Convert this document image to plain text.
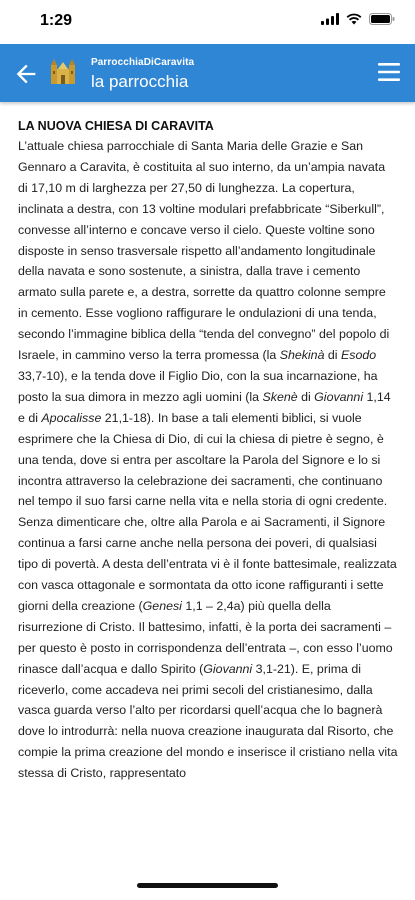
1:29
ParrocchiaDiCaravita
la parrocchia
LA NUOVA CHIESA DI CARAVITA

L’attuale chiesa parrocchiale di Santa Maria delle Grazie e San Gennaro a Caravita, è costituita al suo interno, da un’ampia navata di 17,10 m di larghezza per 27,50 di lunghezza. La copertura, inclinata a destra, con 13 voltine modulari prefabbricate “Siberkull”, convesse all’interno e concave verso il cielo. Queste voltine sono disposte in senso trasversale rispetto all’andamento longitudinale della navata e sono sostenute, a sinistra, dalla trave i cemento armato sulla parete e, a destra, sorrette da quattro colonne sempre in cemento. Esse vogliono raffigurare le ondulazioni di una tenda, secondo l’immagine biblica della “tenda del convegno” del popolo di Israele, in cammino verso la terra promessa (la Shekinà di Esodo 33,7-10), e la tenda dove il Figlio Dio, con la sua incarnazione, ha posto la sua dimora in mezzo agli uomini (la Skenè di Giovanni 1,14 e di Apocalisse 21,1-18). In base a tali elementi biblici, si vuole esprimere che la Chiesa di Dio, di cui la chiesa di pietre è segno, è una tenda, dove si entra per ascoltare la Parola del Signore e lo si incontra attraverso la celebrazione dei sacramenti, che continuano nel tempo il suo farsi carne nella vita e nella storia di ogni credente. Senza dimenticare che, oltre alla Parola e ai Sacramenti, il Signore continua a farsi carne anche nella persona dei poveri, di qualsiasi tipo di povertà. A desta dell’entrata vi è il fonte battesimale, realizzata con vasca ottagonale e sormontata da otto icone raffiguranti i sette giorni della creazione (Genesi 1,1 – 2,4a) più quella della risurrezione di Cristo. Il battesimo, infatti, è la porta dei sacramenti – per questo è posto in corrispondenza dell’entrata –, con esso l’uomo rinasce dall’acqua e dallo Spirito (Giovanni 3,1-21). E, prima di riceverlo, come accadeva nei primi secoli del cristianesimo, dalla vasca guarda verso l’alto per ricordarsi quell’acqua che lo bagnerà dove lo introdurrà: nella nuova creazione inaugurata dal Risorto, che compie la prima creazione del mondo e inserisce il cristiano nella vita stessa di Cristo, rappresentato
